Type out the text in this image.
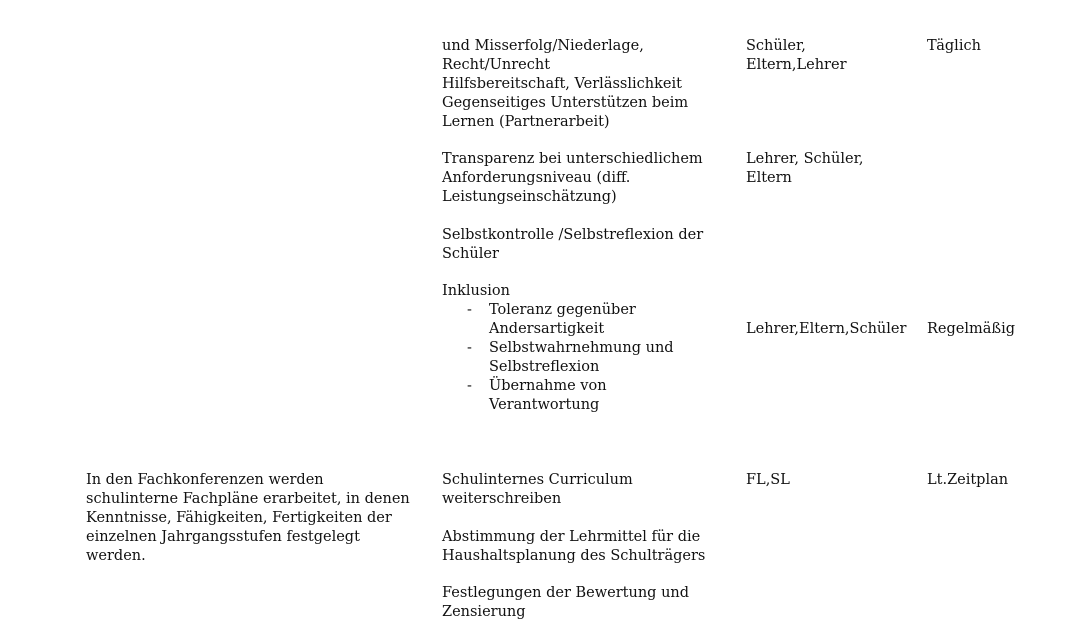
und Misserfolg/Niederlage,
Recht/Unrecht
Hilfsbereitschaft, Verlässlichkeit
Gegenseitiges Unterstützen beim
Lernen (Partnerarbeit)
Schüler,
Eltern,Lehrer
Täglich
Transparenz bei unterschiedlichem
Anforderungsniveau (diff.
Leistungseinschätzung)
Lehrer, Schüler,
Eltern
Selbstkontrolle /Selbstreflexion der
Schüler
Inklusion
- Toleranz gegenüber
Andersartigkeit
- Selbstwahrnehmung und
Selbstreflexion
- Übernahme von
Verantwortung
Lehrer,Eltern,Schüler Regelmäßig
In den Fachkonferenzen werden
schulinterne Fachpläne erarbeitet, in denen
Kenntnisse, Fähigkeiten, Fertigkeiten der
einzelnen Jahrgangsstufen festgelegt
werden.
Schulinternes Curriculum
weiterschreiben
FL,SL	Lt.Zeitplan
Abstimmung der Lehrmittel für die
Haushaltsplanung des Schulträgers
Festlegungen der Bewertung und
Zensierung
